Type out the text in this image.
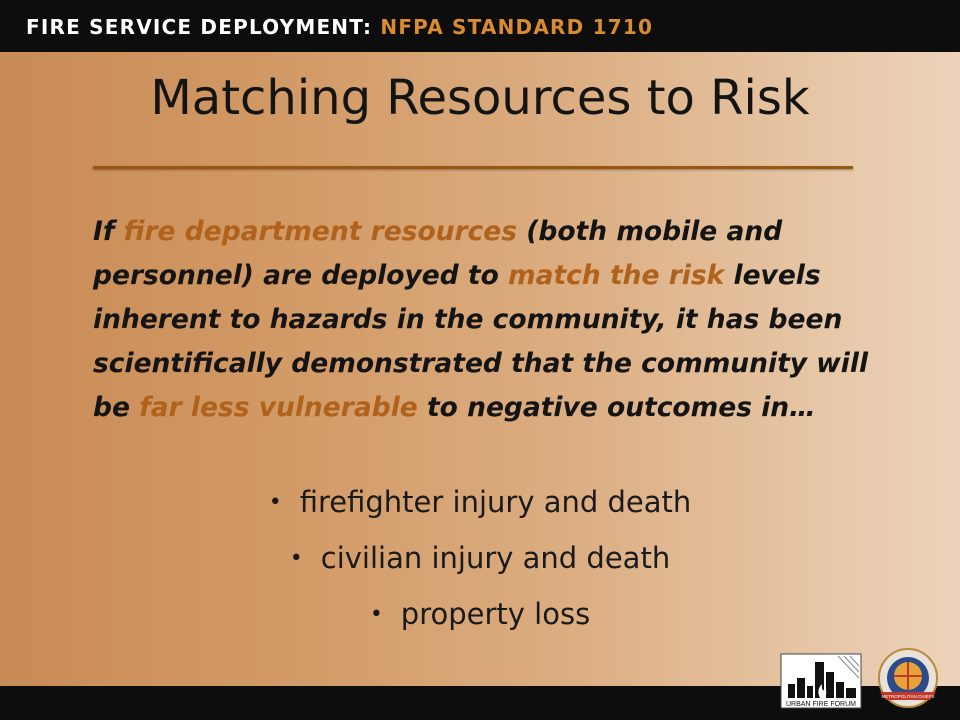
FIRE SERVICE DEPLOYMENT: NFPA STANDARD 1710
Matching Resources to Risk
If fire department resources (both mobile and personnel) are deployed to match the risk levels inherent to hazards in the community, it has been scientifically demonstrated that the community will be far less vulnerable to negative outcomes in…
• firefighter injury and death
• civilian injury and death
• property loss
URBAN FIRE FORUM
METROPOLITAN CHIEFS
